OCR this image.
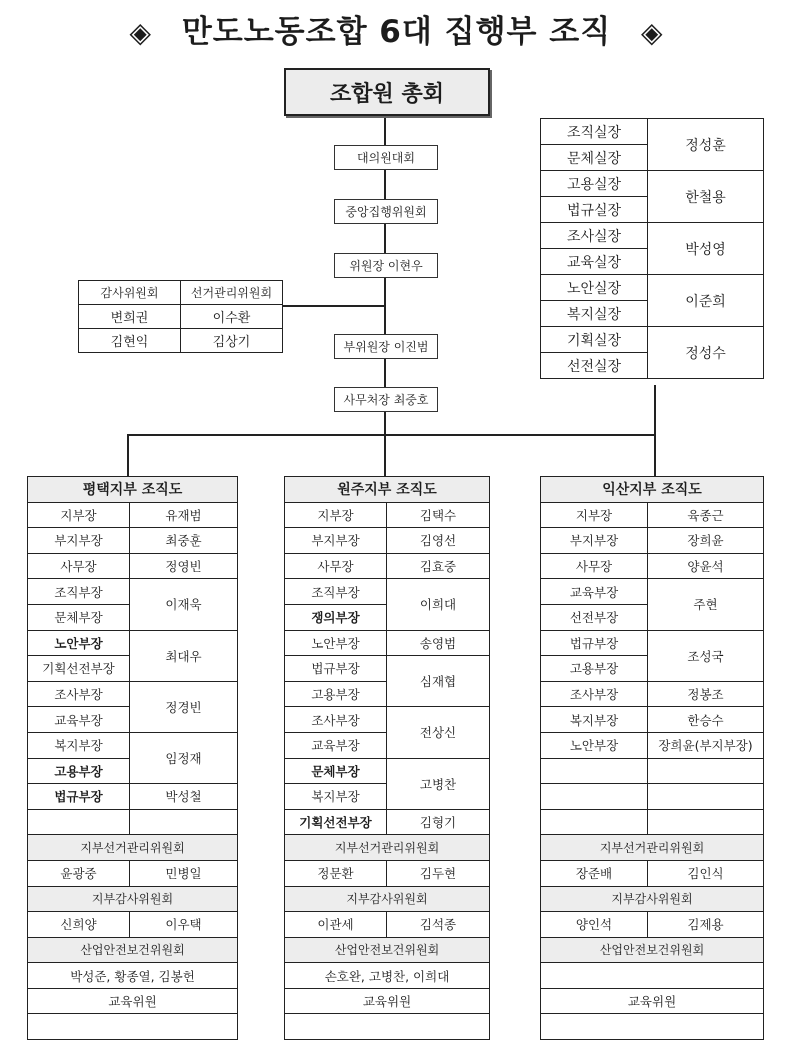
◈ 만도노동조합 6대 집행부 조직 ◈
조합원 총회
대의원대회
중앙집행위원회
위원장 이현우
부위원장 이진범
사무처장 최중호
감사위원회	선거관리위원회
변희권	이수환
김현익	김상기
조직실장	정성훈
문체실장	
고용실장	한철용
법규실장	
조사실장	박성영
교육실장	
노안실장	이준희
복지실장	
기획실장	정성수
선전실장	
평택지부 조직도	
지부장	유재범
부지부장	최중훈
사무장	정영빈
조직부장	이재욱
문체부장	
노안부장	최대우
기획선전부장	
조사부장	정경빈
교육부장	
복지부장	임정재
고용부장	
법규부장	박성철

지부선거관리위원회	
윤광중	민병일
지부감사위원회	
신희양	이우택
산업안전보건위원회	
박성준, 황종열, 김봉헌	
교육위원	

원주지부 조직도	
지부장	김택수
부지부장	김영선
사무장	김효중
조직부장	이희대
쟁의부장	
노안부장	송영범
법규부장	심재협
고용부장	
조사부장	전상신
교육부장	
문체부장	고병찬
복지부장	
기획선전부장	김형기
지부선거관리위원회	
정문환	김두현
지부감사위원회	
이관세	김석종
산업안전보건위원회	
손호완, 고병찬, 이희대	
교육위원	

익산지부 조직도	
지부장	육종근
부지부장	장희윤
사무장	양윤석
교육부장	주현
선전부장	
법규부장	조성국
고용부장	
조사부장	정봉조
복지부장	한승수
노안부장	장희윤(부지부장)

지부선거관리위원회	
장준배	김인식
지부감사위원회	
양인석	김제용
산업안전보건위원회	

교육위원	
